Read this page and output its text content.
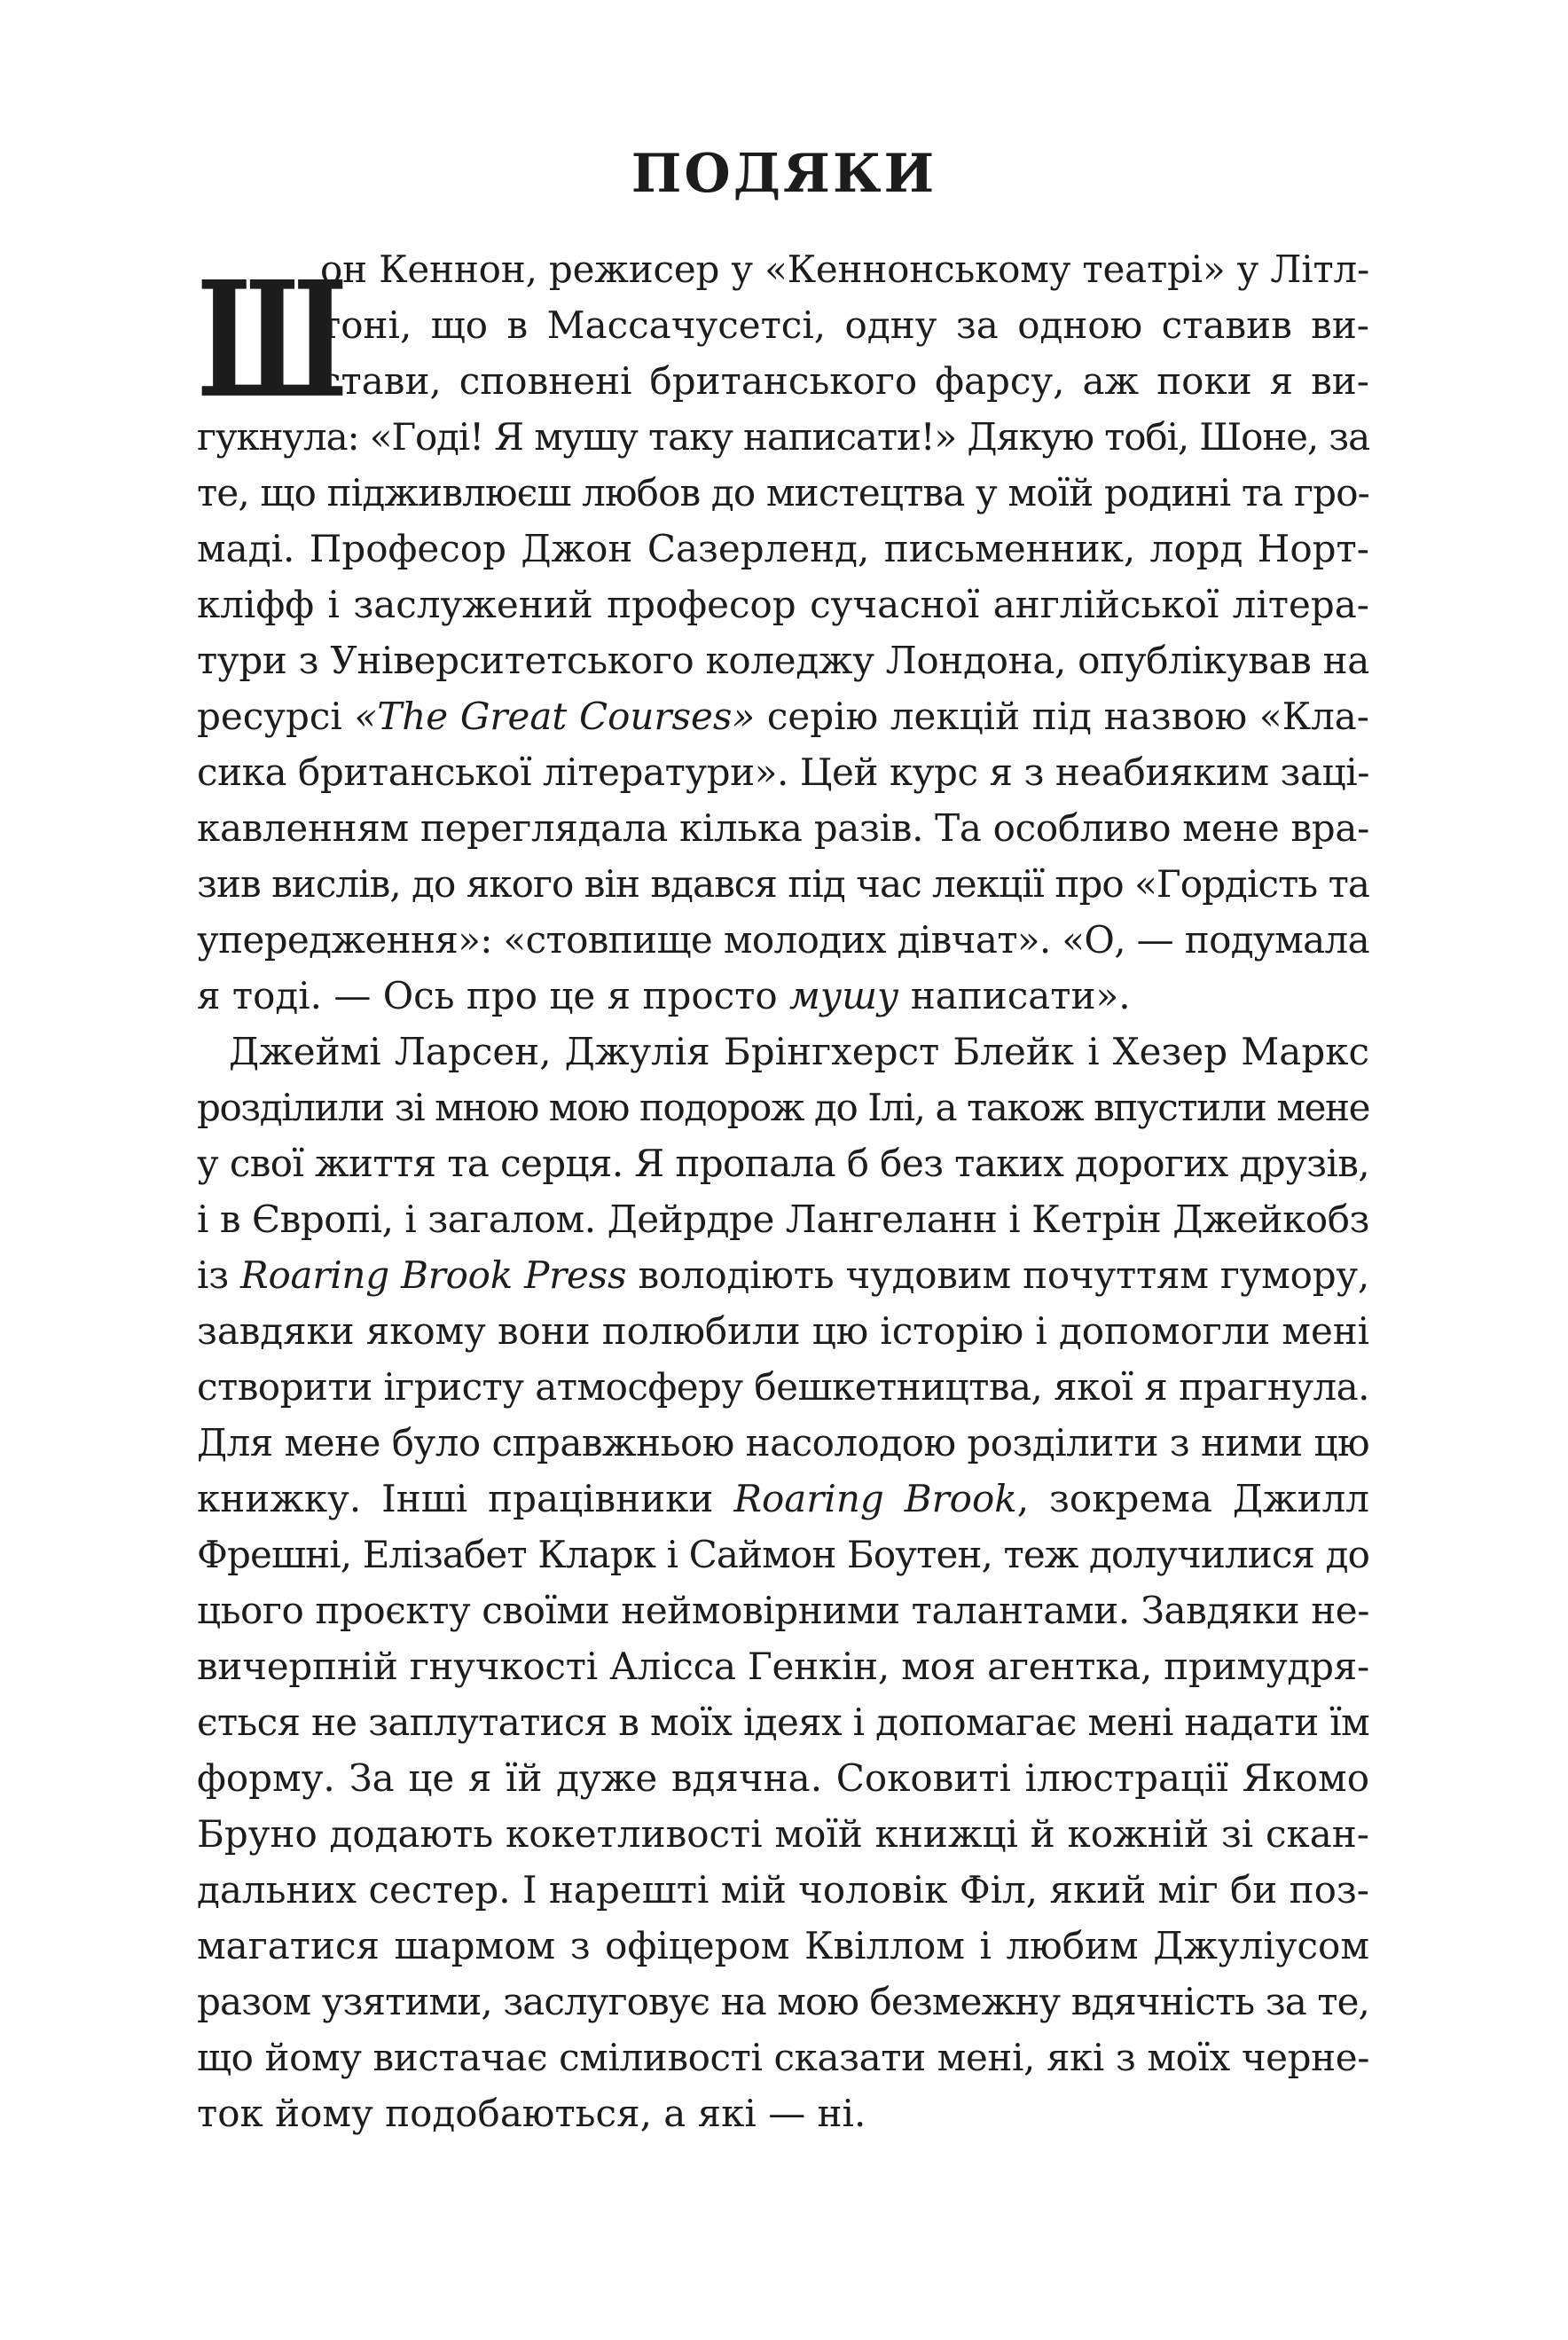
ПОДЯКИ
Ш

он Кеннон, режисер у «Кеннонському театрі» у Літл-

тоні, що в Массачусетсі, одну за одною ставив ви-

стави, сповнені британського фарсу, аж поки я ви-

гукнула: «Годі! Я мушу таку написати!» Дякую тобі, Шоне, за

те, що підживлюєш любов до мистецтва у моїй родині та гро-

маді. Професор Джон Сазерленд, письменник, лорд Норт-

кліфф і заслужений професор сучасної англійської літера-

тури з Університетського коледжу Лондона, опублікував на

ресурсі «The Great Courses» серію лекцій під назвою «Кла-

сика британської літератури». Цей курс я з неабияким заці-

кавленням переглядала кілька разів. Та особливо мене вра-

зив вислів, до якого він вдався під час лекції про «Гордість та

упередження»: «стовпище молодих дівчат». «О, — подумала

я тоді. — Ось про це я просто мушу написати».

Джеймі Ларсен, Джулія Брінгхерст Блейк і Хезер Маркс

розділили зі мною мою подорож до Ілі, а також впустили мене

у свої життя та серця. Я пропала б без таких дорогих друзів,

і в Європі, і загалом. Дейрдре Лангеланн і Кетрін Джейкобз

із Roaring Brook Press володіють чудовим почуттям гумору,

завдяки якому вони полюбили цю історію і допомогли мені

створити ігристу атмосферу бешкетництва, якої я прагнула.

Для мене було справжньою насолодою розділити з ними цю

книжку. Інші працівники Roaring Brook, зокрема Джилл

Фрешні, Елізабет Кларк і Саймон Боутен, теж долучилися до

цього проєкту своїми неймовірними талантами. Завдяки не-

вичерпній гнучкості Алісса Генкін, моя агентка, примудря-

ється не заплутатися в моїх ідеях і допомагає мені надати їм

форму. За це я їй дуже вдячна. Соковиті ілюстрації Якомо

Бруно додають кокетливості моїй книжці й кожній зі скан-

дальних сестер. І нарешті мій чоловік Філ, який міг би поз-

магатися шармом з офіцером Квіллом і любим Джуліусом

разом узятими, заслуговує на мою безмежну вдячність за те,

що йому вистачає сміливості сказати мені, які з моїх черне-

ток йому подобаються, а які — ні.
